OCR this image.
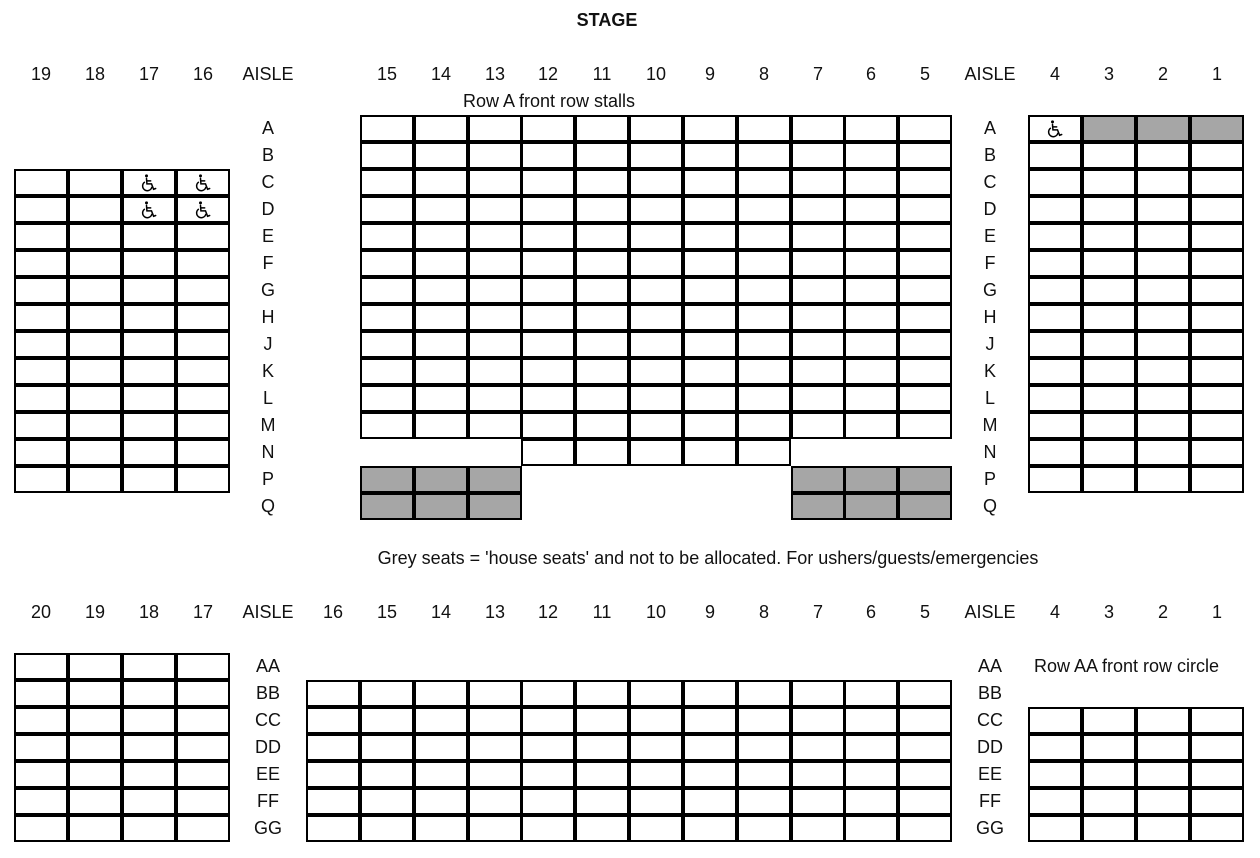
STAGE
19 18 17 16 AISLE	15 14 13 12 11 10 9 8 7 6 5 AISLE 4 3 2 1
Row A front row stalls
A
B
C
D
E
F
G
H
J
K
L
M
N
P
Q
A
B
C
D
E
F
G
H
J
K
L
M
N
P
Q
Grey seats = 'house seats' and not to be allocated. For ushers/guests/emergencies
20 19 18 17 AISLE 16 15 14 13 12 11 10 9 8 7 6 5 AISLE 4 3 2 1
AA
BB
CC
DD
EE
FF
GG
AA
BB
CC
DD
EE
FF
GG
Row AA front row circle
